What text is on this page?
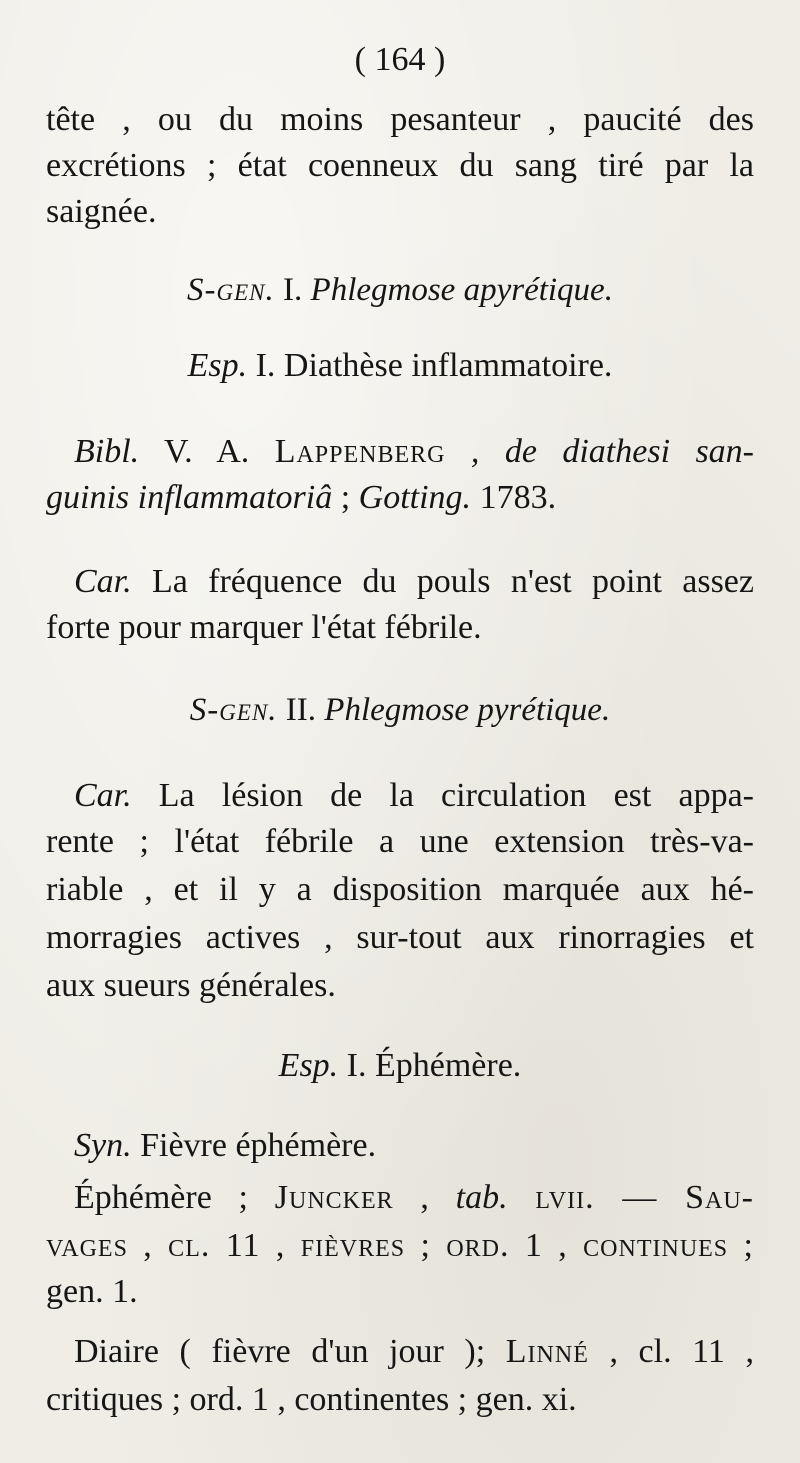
( 164 )
tête , ou du moins pesanteur , paucité des
excrétions ; état coenneux du sang tiré par la
saignée.
S-gen. I. Phlegmose apyrétique.
Esp. I. Diathèse inflammatoire.
Bibl. V. A. Lappenberg , de diathesi san-
guinis inflammatoriâ ; Gotting. 1783.
Car. La fréquence du pouls n'est point assez
forte pour marquer l'état fébrile.
S-gen. II. Phlegmose pyrétique.
Car. La lésion de la circulation est appa-
rente ; l'état fébrile a une extension très-va-
riable , et il y a disposition marquée aux hé-
morragies actives , sur-tout aux rinorragies et
aux sueurs générales.
Esp. I. Éphémère.
Syn. Fièvre éphémère.
Éphémère ; Juncker , tab. lvii. — Sau-
vages , cl. 11 , fièvres ; ord. 1 , continues ;
gen. 1.
Diaire ( fièvre d'un jour ); Linné , cl. 11 ,
critiques ; ord. 1 , continentes ; gen. xi.
